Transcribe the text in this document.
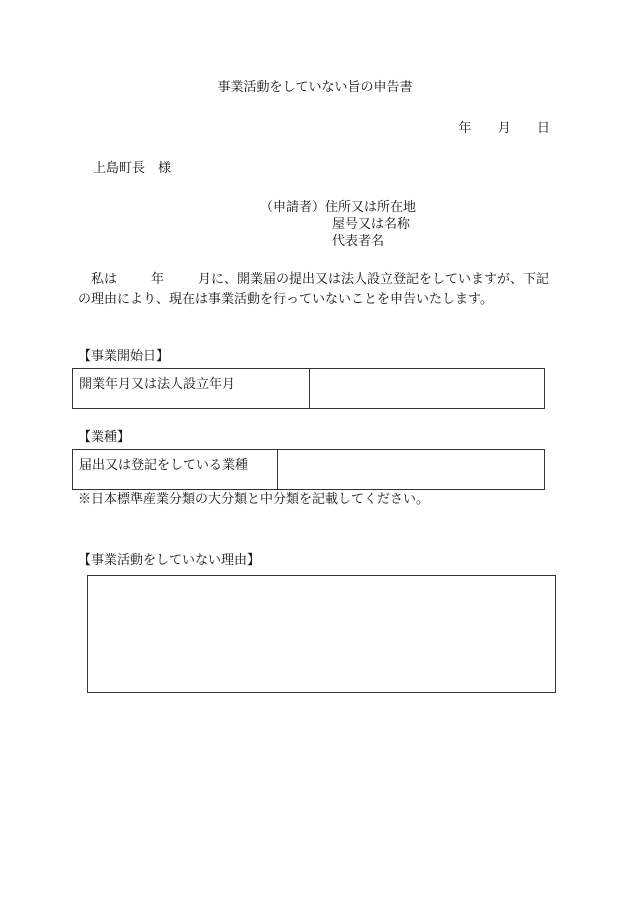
事業活動をしていない旨の申告書
年 月 日
上島町長　様
（申請者）住所又は所在地
屋号又は名称
代表者名
　私は	年	月に、開業届の提出又は法人設立登記をしていますが、下記の理由により、現在は事業活動を行っていないことを申告いたします。
【事業開始日】
開業年月又は法人設立年月
【業種】
届出又は登記をしている業種
※日本標準産業分類の大分類と中分類を記載してください。
【事業活動をしていない理由】
